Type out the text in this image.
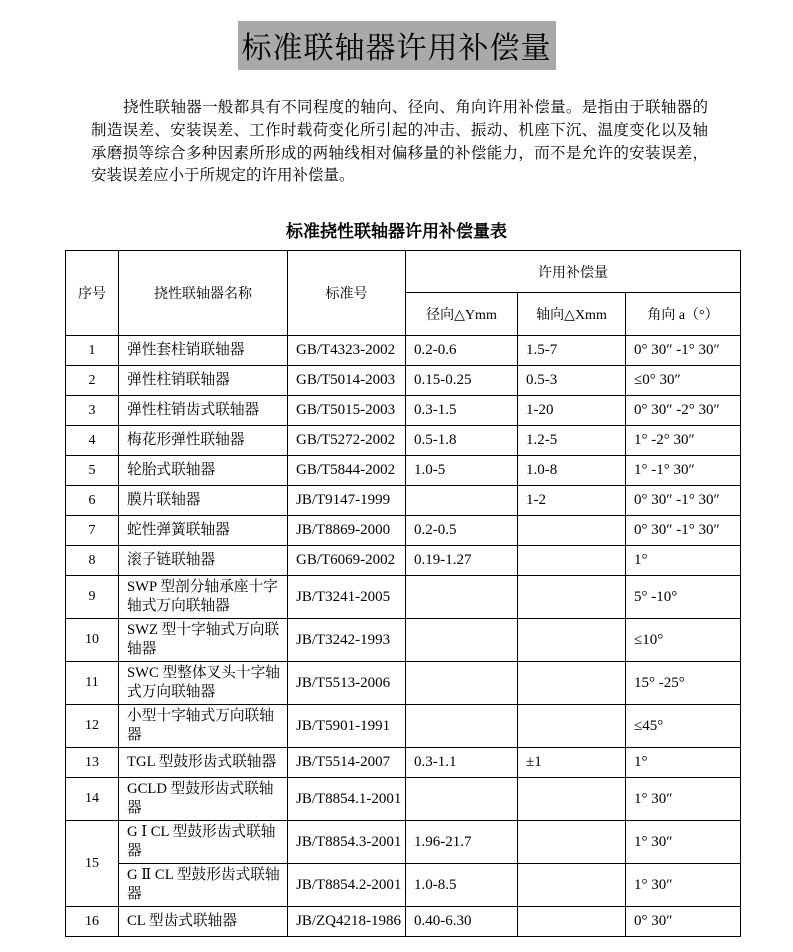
标准联轴器许用补偿量

挠性联轴器一般都具有不同程度的轴向、径向、角向许用补偿量。是指由于联轴器的制造误差、安装误差、工作时载荷变化所引起的冲击、振动、机座下沉、温度变化以及轴承磨损等综合多种因素所形成的两轴线相对偏移量的补偿能力，而不是允许的安装误差，安装误差应小于所规定的许用补偿量。

标准挠性联轴器许用补偿量表
序号	挠性联轴器名称	标准号	许用补偿量		
			径向△Ymm	轴向△Xmm	角向 a（°）
1	弹性套柱销联轴器	GB/T4323-2002	0.2-0.6	1.5-7	0° 30″ -1° 30″
2	弹性柱销联轴器	GB/T5014-2003	0.15-0.25	0.5-3	≤0° 30″
3	弹性柱销齿式联轴器	GB/T5015-2003	0.3-1.5	1-20	0° 30″ -2° 30″
4	梅花形弹性联轴器	GB/T5272-2002	0.5-1.8	1.2-5	1° -2° 30″
5	轮胎式联轴器	GB/T5844-2002	1.0-5	1.0-8	1° -1° 30″
6	膜片联轴器	JB/T9147-1999		1-2	0° 30″ -1° 30″
7	蛇性弹簧联轴器	JB/T8869-2000	0.2-0.5		0° 30″ -1° 30″
8	滚子链联轴器	GB/T6069-2002	0.19-1.27		1°
9	SWP 型剖分轴承座十字轴式万向联轴器	JB/T3241-2005			5° -10°
10	SWZ 型十字轴式万向联轴器	JB/T3242-1993			≤10°
11	SWC 型整体叉头十字轴式万向联轴器	JB/T5513-2006			15° -25°
12	小型十字轴式万向联轴器	JB/T5901-1991			≤45°
13	TGL 型鼓形齿式联轴器	JB/T5514-2007	0.3-1.1	±1	1°
14	GCLD 型鼓形齿式联轴器	JB/T8854.1-2001			1° 30″
15	G Ⅰ CL 型鼓形齿式联轴器	JB/T8854.3-2001	1.96-21.7		1° 30″
	G Ⅱ CL 型鼓形齿式联轴器	JB/T8854.2-2001	1.0-8.5		1° 30″
16	CL 型齿式联轴器	JB/ZQ4218-1986	0.40-6.30		0° 30″
